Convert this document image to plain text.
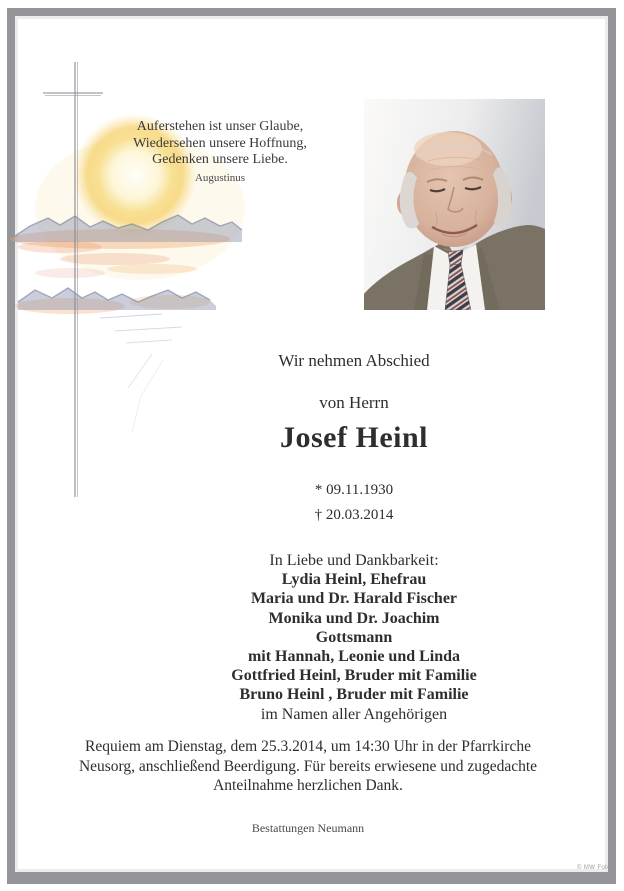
Auferstehen ist unser Glaube,
Wiedersehen unsere Hoffnung,
Gedenken unsere Liebe.
Augustinus
Wir nehmen Abschied
von Herrn
Josef Heinl
* 09.11.1930
† 20.03.2014
In Liebe und Dankbarkeit:
Lydia Heinl, Ehefrau
Maria und Dr. Harald Fischer
Monika und Dr. Joachim
Gottsmann
mit Hannah, Leonie und Linda
Gottfried Heinl, Bruder mit Familie
Bruno Heinl , Bruder mit Familie
im Namen aller Angehörigen
Requiem am Dienstag, dem 25.3.2014, um 14:30 Uhr in der Pfarrkirche
Neusorg, anschließend Beerdigung. Für bereits erwiesene und zugedachte
Anteilnahme herzlichen Dank.
Bestattungen Neumann
© MW Foto
